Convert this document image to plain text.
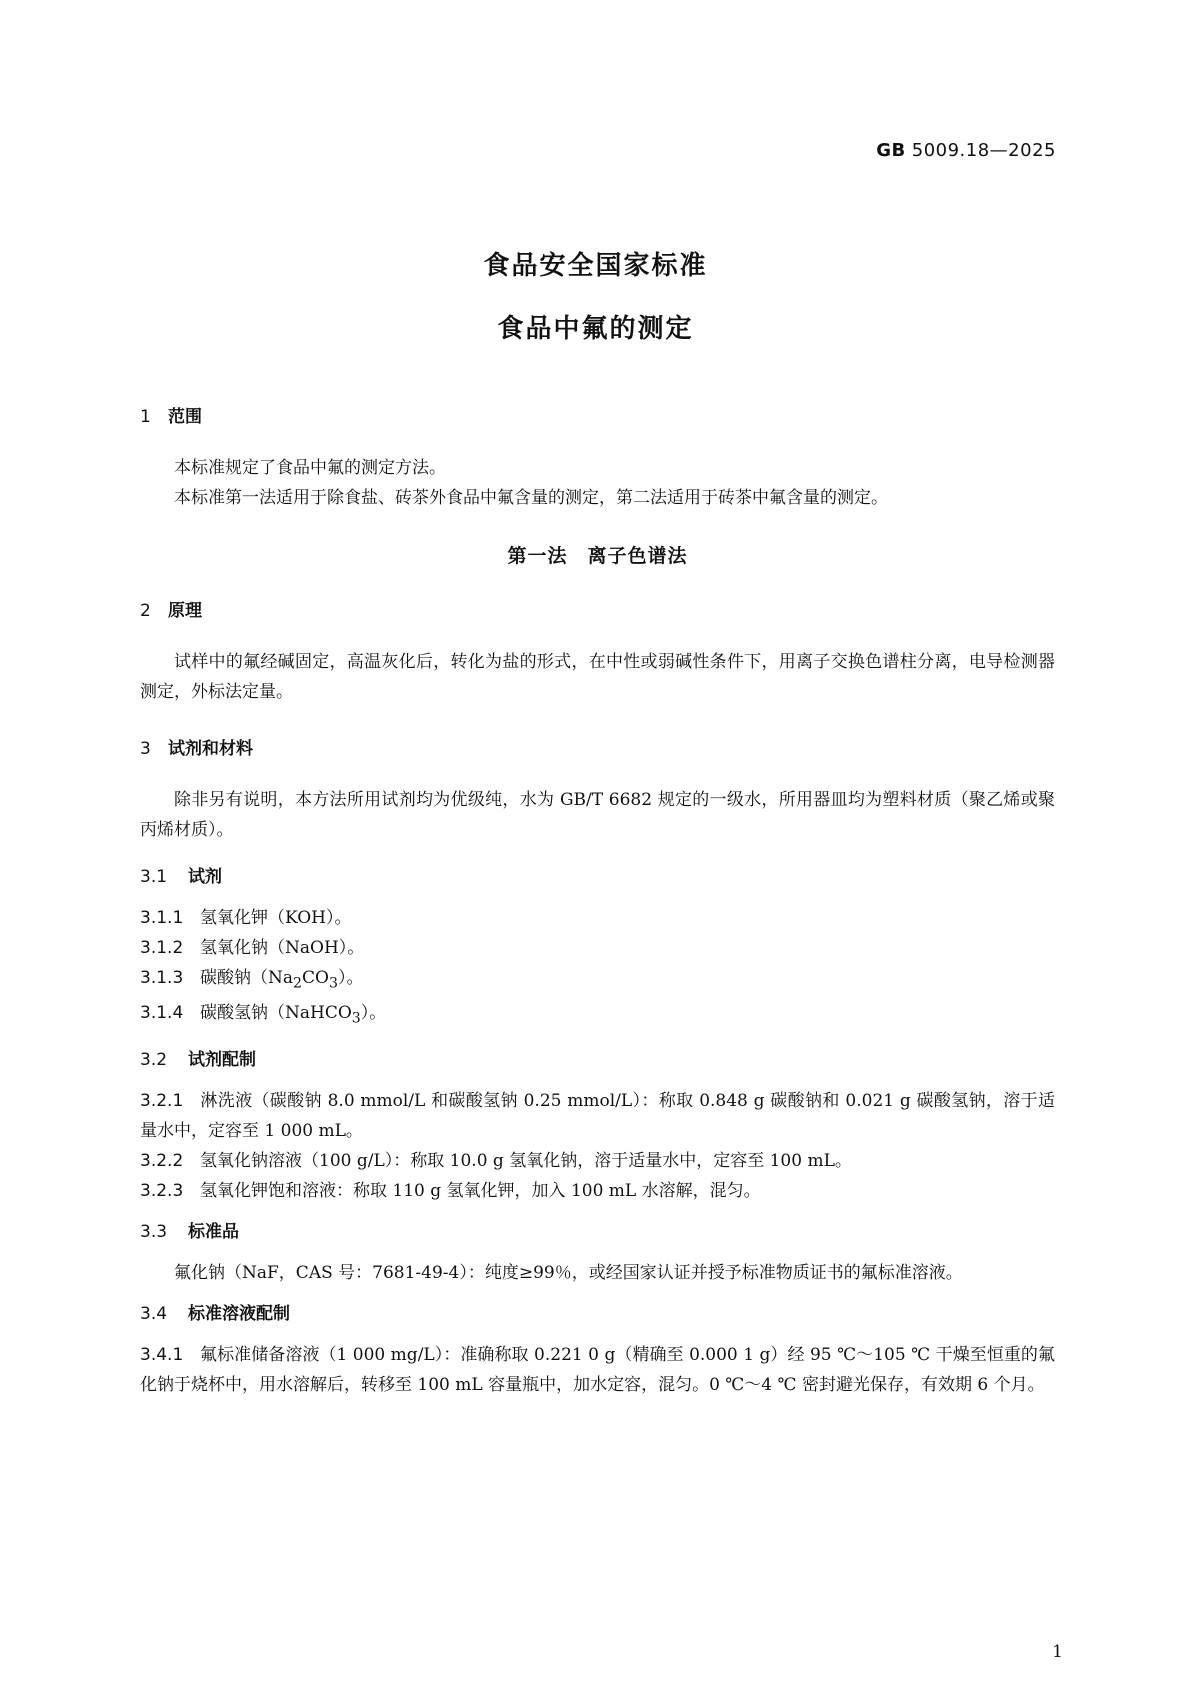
GB 5009.18—2025
食品安全国家标准
食品中氟的测定
1 范围

本标准规定了食品中氟的测定方法。

本标准第一法适用于除食盐、砖茶外食品中氟含量的测定，第二法适用于砖茶中氟含量的测定。

第一法　离子色谱法
2 原理

试样中的氟经碱固定，高温灰化后，转化为盐的形式，在中性或弱碱性条件下，用离子交换色谱柱分离，电导检测器测定，外标法定量。

3 试剂和材料

除非另有说明，本方法所用试剂均为优级纯，水为 GB/T 6682 规定的一级水，所用器皿均为塑料材质（聚乙烯或聚丙烯材质）。

3.1 试剂

3.1.1 氢氧化钾（KOH）。

3.1.2 氢氧化钠（NaOH）。

3.1.3 碳酸钠$(Na_2CO_3)$。

3.1.4 碳酸氢钠（NaHCO$_3$）。

3.2 试剂配制

3.2.1 淋洗液（碳酸钠 8.0 mmol/L 和碳酸氢钠 0.25 mmol/L）：称取 0.848 g 碳酸钠和 0.021 g 碳酸氢钠，溶于适量水中，定容至 1 000 mL。

3.2.2 氢氧化钠溶液（100 g/L）：称取 10.0 g 氢氧化钠，溶于适量水中，定容至 100 mL。

3.2.3 氢氧化钾饱和溶液：称取 110 g 氢氧化钾，加入 100 mL 水溶解，混匀。

3.3 标准品

氟化钠（NaF，CAS 号：7681-49-4）：纯度≥99％，或经国家认证并授予标准物质证书的氟标准溶液。

3.4 标准溶液配制

3.4.1 氟标准储备溶液（1 000 mg/L）：准确称取 0.221 0 g（精确至 0.000 1 g）经 95 ℃～105 ℃ 干燥至恒重的氟化钠于烧杯中，用水溶解后，转移至 100 mL 容量瓶中，加水定容，混匀。0 ℃～4 ℃ 密封避光保存，有效期 6 个月。

1
